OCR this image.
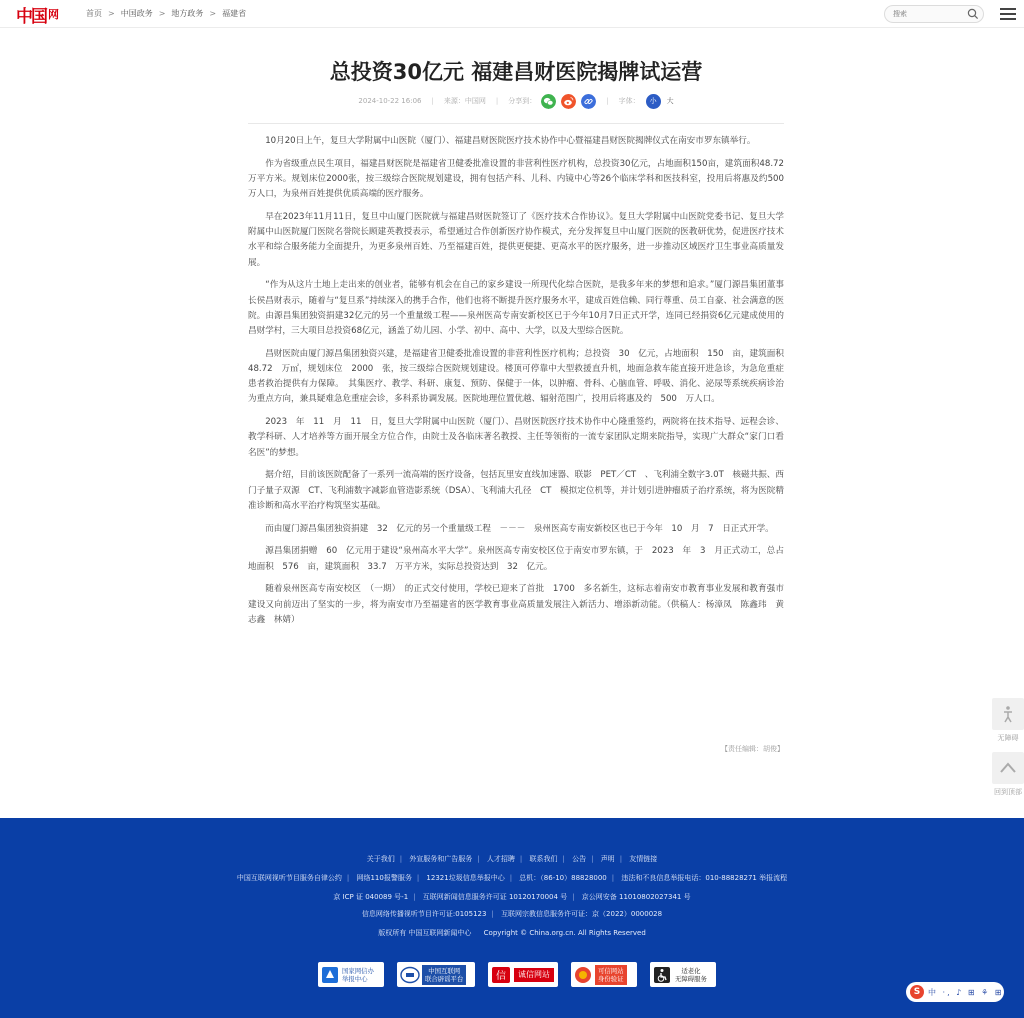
中国 网	首页 > 中国政务 > 地方政务 > 福建省
搜索
总投资30亿元 福建昌财医院揭牌试运营
2024-10-22 16:06 | 来源：中国网 | 分享到：	| 字体：	小	大

10月20日上午，复旦大学附属中山医院（厦门）、福建昌财医院医疗技术协作中心暨福建昌财医院揭牌仪式在南安市罗东镇举行。

作为省级重点民生项目，福建昌财医院是福建省卫健委批准设置的非营利性医疗机构，总投资30亿元，占地面积150亩，建筑面积48.72万平方米。规划床位2000张，按三级综合医院规划建设，拥有包括产科、儿科、内镜中心等26个临床学科和医技科室，投用后将惠及约500万人口，为泉州百姓提供优质高端的医疗服务。

早在2023年11月11日，复旦中山厦门医院就与福建昌财医院签订了《医疗技术合作协议》。复旦大学附属中山医院党委书记、复旦大学附属中山医院厦门医院名誉院长顾建英教授表示，希望通过合作创新医疗协作模式，充分发挥复旦中山厦门医院的医教研优势，促进医疗技术水平和综合服务能力全面提升，为更多泉州百姓、乃至福建百姓，提供更便捷、更高水平的医疗服务，进一步推动区域医疗卫生事业高质量发展。

“作为从这片土地上走出来的创业者，能够有机会在自己的家乡建设一所现代化综合医院，是我多年来的梦想和追求。”厦门源昌集团董事长侯昌财表示，随着与“复旦系”持续深入的携手合作，他们也将不断提升医疗服务水平，建成百姓信赖、同行尊重、员工自豪、社会满意的医院。由源昌集团独资捐建32亿元的另一个重量级工程——泉州医高专南安新校区已于今年10月7日正式开学，连同已经捐资6亿元建成使用的昌财学村，三大项目总投资68亿元，涵盖了幼儿园、小学、初中、高中、大学，以及大型综合医院。

昌财医院由厦门源昌集团独资兴建，是福建省卫健委批准设置的非营利性医疗机构；总投资　30　亿元，占地面积　150　亩，建筑面积　48.72　万㎡，规划床位　2000　张，按三级综合医院规划建设。楼顶可停靠中大型救援直升机，地面急救车能直接开进急诊，为急危重症患者救治提供有力保障。　其集医疗、教学、科研、康复、预防、保健于一体，以肿瘤、骨科、心脑血管、呼吸、消化、泌尿等系统疾病诊治为重点方向，兼具疑难急危重症会诊，多科系协调发展。医院地理位置优越、辐射范围广，投用后将惠及约　500　万人口。

2023　年　11　月　11　日，复旦大学附属中山医院（厦门）、昌财医院医疗技术协作中心隆重签约，两院将在技术指导、远程会诊、教学科研、人才培养等方面开展全方位合作，由院士及各临床著名教授、主任等领衔的一流专家团队定期来院指导，实现广大群众“家门口看名医”的梦想。

据介绍，目前该医院配备了一系列一流高端的医疗设备，包括瓦里安直线加速器、联影　PET／CT　、飞利浦全数字3.0T　核磁共振、西门子量子双源　CT、飞利浦数字减影血管造影系统（DSA）、飞利浦大孔径　CT　模拟定位机等，并计划引进肿瘤质子治疗系统，将为医院精准诊断和高水平治疗构筑坚实基础。

而由厦门源昌集团独资捐建　32　亿元的另一个重量级工程　－－－　泉州医高专南安新校区也已于今年　10　月　7　日正式开学。

源昌集团捐赠　60　亿元用于建设“泉州高水平大学”。泉州医高专南安校区位于南安市罗东镇，于　2023　年　3　月正式动工，总占地面积　576　亩，建筑面积　33.7　万平方米，实际总投资达到　32　亿元。

随着泉州医高专南安校区　（一期）　的正式交付使用，学校已迎来了首批　1700　多名新生，这标志着南安市教育事业发展和教育强市建设又向前迈出了坚实的一步，将为南安市乃至福建省的医学教育事业高质量发展注入新活力、增添新动能。（供稿人：杨漳凤　陈鑫玮　黄志鑫　林婧）

【责任编辑：胡俊】
无障碍
回到顶部
关于我们 | 外宣服务和广告服务 | 人才招聘 | 联系我们 | 公告 | 声明 | 友情链接
中国互联网视听节目服务自律公约 | 网络110报警服务 | 12321垃圾信息举报中心 | 总机：（86-10）88828000 | 违法和不良信息举报电话：010-88828271 举报流程
京 ICP 证 040089 号-1 | 互联网新闻信息服务许可证 10120170004 号 | 京公网安备 11010802027341 号
信息网络传播视听节目许可证:0105123 | 互联网宗教信息服务许可证：京（2022）0000028
版权所有 中国互联网新闻中心 Copyright © China.org.cn. All Rights Reserved
国家网信办
举报中心
中国互联网
联合辟谣平台	信	诚信网站	可信网站
身份验证
适老化
无障碍服务
S 中 ·, ♪ ⊞ ⚘ ⊞
